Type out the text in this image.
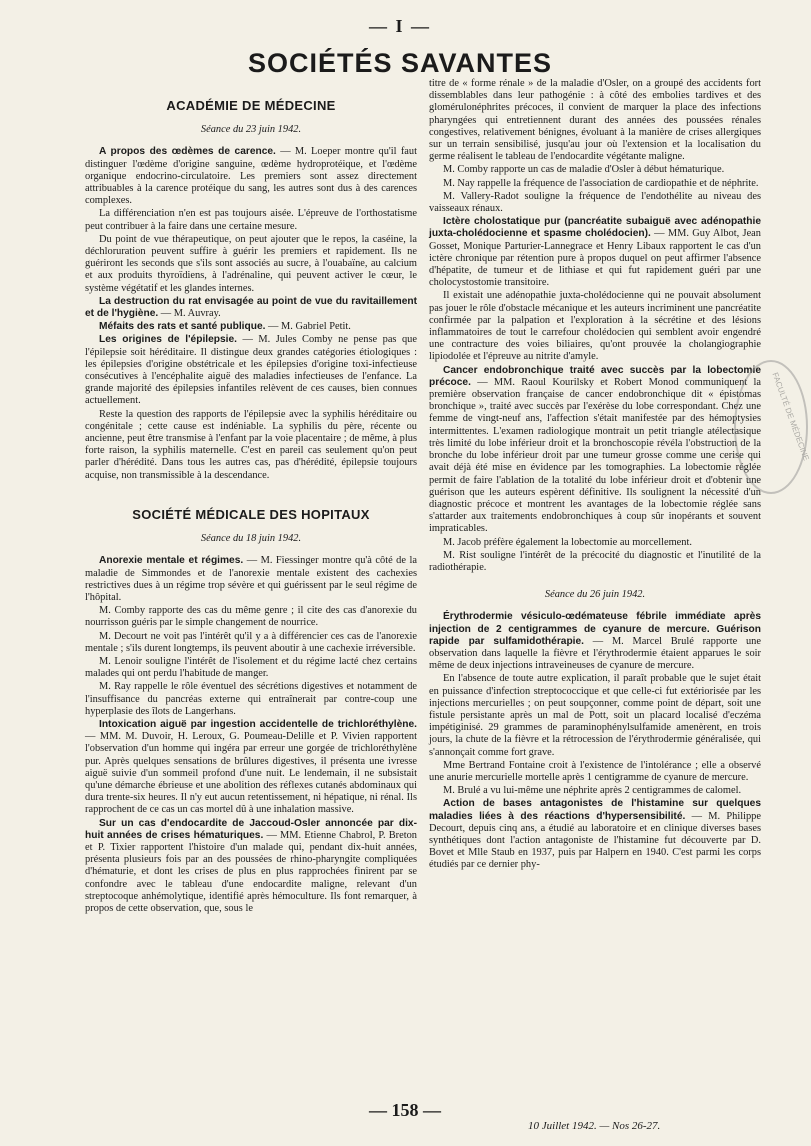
— I —
SOCIÉTÉS SAVANTES
ACADÉMIE DE MÉDECINE
Séance du 23 juin 1942.

A propos des œdèmes de carence. — M. Loeper montre qu'il faut distinguer l'œdème d'origine sanguine, œdème hydroprotéique, et l'œdème organique endocrino-circulatoire. Les premiers sont assez directement attribuables à la carence protéique du sang, les autres sont dus à des carences complexes.

La différenciation n'en est pas toujours aisée. L'épreuve de l'orthostatisme peut contribuer à la faire dans une certaine mesure.

Du point de vue thérapeutique, on peut ajouter que le repos, la caséine, la déchloruration peuvent suffire à guérir les premiers et rapidement. Ils ne guériront les seconds que s'ils sont associés au sucre, à l'ouabaïne, au calcium et aux produits thyroïdiens, à l'adrénaline, qui peuvent activer le cœur, le système végétatif et les glandes internes.

La destruction du rat envisagée au point de vue du ravitaillement et de l'hygiène. — M. Auvray.

Méfaits des rats et santé publique. — M. Gabriel Petit.

Les origines de l'épilepsie. — M. Jules Comby ne pense pas que l'épilepsie soit héréditaire. Il distingue deux grandes catégories étiologiques : les épilepsies d'origine obstétricale et les épilepsies d'origine toxi-infectieuse consécutives à l'encéphalite aiguë des maladies infectieuses de l'enfance. La grande majorité des épilepsies infantiles relèvent de ces causes, bien connues actuellement.

Reste la question des rapports de l'épilepsie avec la syphilis héréditaire ou congénitale ; cette cause est indéniable. La syphilis du père, récente ou ancienne, peut être transmise à l'enfant par la voie placentaire ; de même, à plus forte raison, la syphilis maternelle. C'est en pareil cas seulement qu'on peut parler d'hérédité. Dans tous les autres cas, pas d'hérédité, épilepsie toujours acquise, non transmissible à la descendance.

SOCIÉTÉ MÉDICALE DES HOPITAUX
Séance du 18 juin 1942.

Anorexie mentale et régimes. — M. Fiessinger montre qu'à côté de la maladie de Simmondes et de l'anorexie mentale existent des cachexies restrictives dues à un régime trop sévère et qui guérissent par le seul régime de l'hôpital.

M. Comby rapporte des cas du même genre ; il cite des cas d'anorexie du nourrisson guéris par le simple changement de nourrice.

M. Decourt ne voit pas l'intérêt qu'il y a à différencier ces cas de l'anorexie mentale ; s'ils durent longtemps, ils peuvent aboutir à une cachexie irréversible.

M. Lenoir souligne l'intérêt de l'isolement et du régime lacté chez certains malades qui ont perdu l'habitude de manger.

M. Ray rappelle le rôle éventuel des sécrétions digestives et notamment de l'insuffisance du pancréas externe qui entraînerait par contre-coup une hyperplasie des îlots de Langerhans.

Intoxication aiguë par ingestion accidentelle de trichloréthylène. — MM. M. Duvoir, H. Leroux, G. Poumeau-Delille et P. Vivien rapportent l'observation d'un homme qui ingéra par erreur une gorgée de trichloréthylène pur. Après quelques sensations de brûlures digestives, il présenta une ivresse aiguë suivie d'un sommeil profond d'une nuit. Le lendemain, il ne subsistait qu'une démarche ébrieuse et une abolition des réflexes cutanés abdominaux qui dura trente-six heures. Il n'y eut aucun retentissement, ni hépatique, ni rénal. Ils rapprochent de ce cas un cas mortel dû à une inhalation massive.

Sur un cas d'endocardite de Jaccoud-Osler annoncée par dix-huit années de crises hématuriques. — MM. Etienne Chabrol, P. Breton et P. Tixier rapportent l'histoire d'un malade qui, pendant dix-huit années, présenta plusieurs fois par an des poussées de rhino-pharyngite compliquées d'hématurie, et dont les crises de plus en plus rapprochées finirent par se confondre avec le tableau d'une endocardite maligne, relevant d'un streptocoque anhémolytique, identifié après hémoculture. Ils font remarquer, à propos de cette observation, que, sous le

titre de « forme rénale » de la maladie d'Osler, on a groupé des accidents fort dissemblables dans leur pathogénie : à côté des embolies tardives et des glomérulonéphrites précoces, il convient de marquer la place des infections pharyngées qui entretiennent durant des années des poussées rénales congestives, relativement bénignes, évoluant à la manière de crises allergiques sur un terrain sensibilisé, jusqu'au jour où l'extension et la localisation du germe réalisent le tableau de l'endocardite végétante maligne.

M. Comby rapporte un cas de maladie d'Osler à début hématurique.

M. Nay rappelle la fréquence de l'association de cardiopathie et de néphrite.

M. Vallery-Radot souligne la fréquence de l'endothélite au niveau des vaisseaux rénaux.

Ictère cholostatique pur (pancréatite subaiguë avec adénopathie juxta-cholédocienne et spasme cholédocien). — MM. Guy Albot, Jean Gosset, Monique Parturier-Lannegrace et Henry Libaux rapportent le cas d'un ictère chronique par rétention pure à propos duquel on peut affirmer l'absence d'hépatite, de tumeur et de lithiase et qui fut rapidement guéri par une cholocystostomie transitoire.

Il existait une adénopathie juxta-cholédocienne qui ne pouvait absolument pas jouer le rôle d'obstacle mécanique et les auteurs incriminent une pancréatite confirmée par la palpation et l'exploration à la sécrétine et des lésions inflammatoires de tout le carrefour cholédocien qui semblent avoir engendré une contracture des voies biliaires, qu'ont prouvée la cholangiographie lipiodolée et l'épreuve au nitrite d'amyle.

Cancer endobronchique traité avec succès par la lobectomie précoce. — MM. Raoul Kourilsky et Robert Monod communiquent la première observation française de cancer endobronchique dit « épistomas bronchique », traité avec succès par l'exérèse du lobe correspondant. Chez une femme de vingt-neuf ans, l'affection s'était manifestée par des hémoptysies intermittentes. L'examen radiologique montrait un petit triangle atélectasique très limité du lobe inférieur droit et la bronchoscopie révéla l'obstruction de la bronche du lobe inférieur droit par une tumeur grosse comme une cerise qui avait déjà été mise en évidence par les tomographies. La lobectomie réglée permit de faire l'ablation de la totalité du lobe inférieur droit et d'obtenir une guérison que les auteurs espèrent définitive. Ils soulignent la nécessité d'un diagnostic précoce et montrent les avantages de la lobectomie réglée sans s'attarder aux traitements endobronchiques à coup sûr inopérants et souvent impraticables.

M. Jacob préfère également la lobectomie au morcellement.

M. Rist souligne l'intérêt de la précocité du diagnostic et l'inutilité de la radiothérapie.

Séance du 26 juin 1942.

Érythrodermie vésiculo-œdémateuse fébrile immédiate après injection de 2 centigrammes de cyanure de mercure. Guérison rapide par sulfamidothérapie. — M. Marcel Brulé rapporte une observation dans laquelle la fièvre et l'érythrodermie étaient apparues le soir même de deux injections intraveineuses de cyanure de mercure.

En l'absence de toute autre explication, il paraît probable que le sujet était en puissance d'infection streptococcique et que celle-ci fut extériorisée par les injections mercurielles ; on peut soupçonner, comme point de départ, soit une fistule persistante après un mal de Pott, soit un placard localisé d'eczéma impétiginisé. 29 grammes de paraminophénylsulfamide amenèrent, en trois jours, la chute de la fièvre et la rétrocession de l'érythrodermie généralisée, qui s'annonçait comme fort grave.

Mme Bertrand Fontaine croit à l'existence de l'intolérance ; elle a observé une anurie mercurielle mortelle après 1 centigramme de cyanure de mercure.

M. Brulé a vu lui-même une néphrite après 2 centigrammes de calomel.

Action de bases antagonistes de l'histamine sur quelques maladies liées à des réactions d'hypersensibilité. — M. Philippe Decourt, depuis cinq ans, a étudié au laboratoire et en clinique diverses bases synthétiques dont l'action antagoniste de l'histamine fut découverte par D. Bovet et Mlle Staub en 1937, puis par Halpern en 1940. C'est parmi les corps étudiés par ce dernier phy-

FACULTÉ DE MÉDECINE
— 158 —
10 Juillet 1942. — Nos 26-27.
